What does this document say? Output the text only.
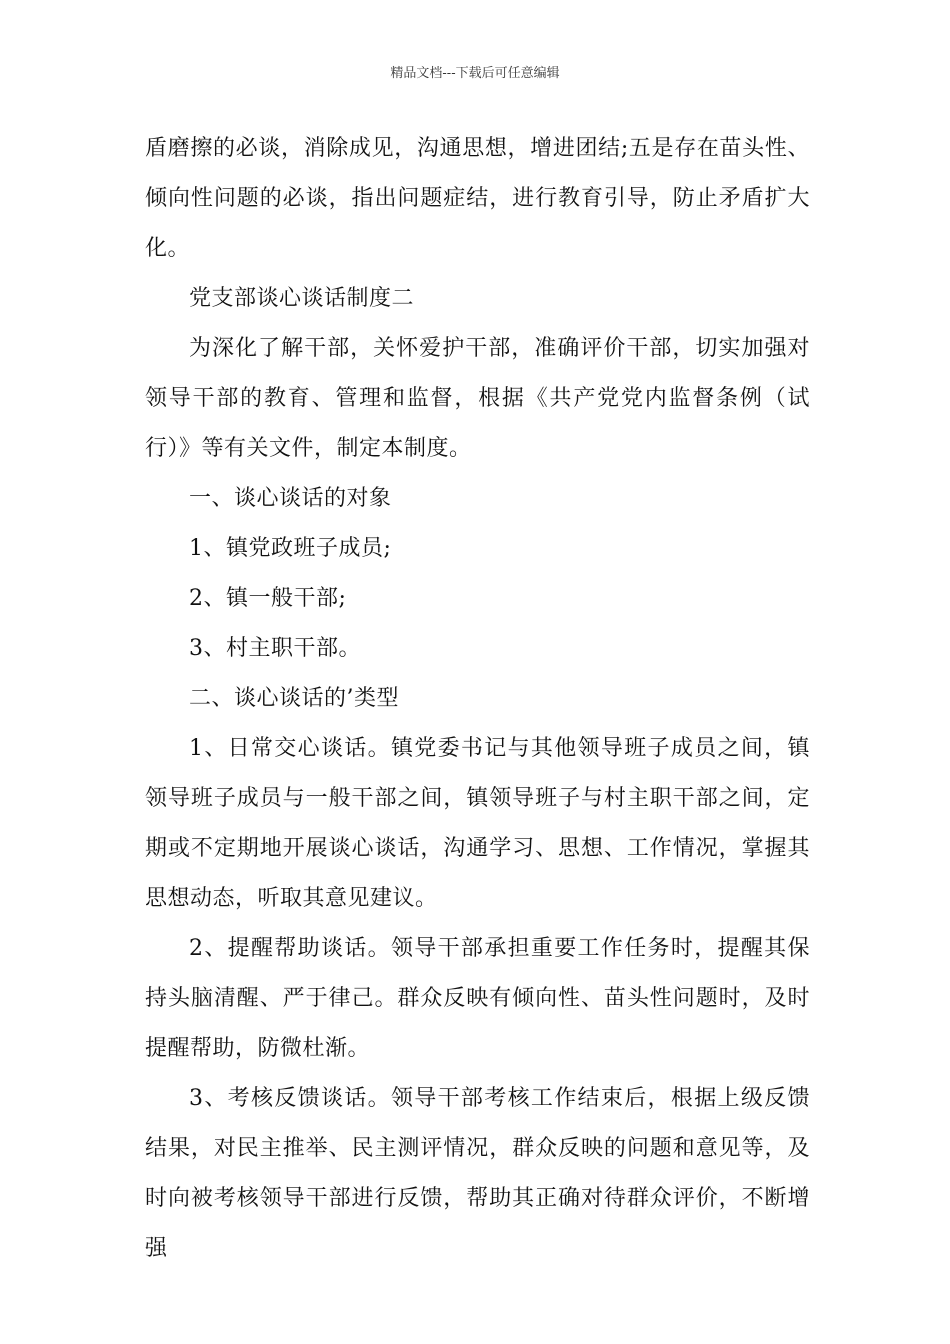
精品文档---下载后可任意编辑

盾磨擦的必谈，消除成见，沟通思想，增进团结;五是存在苗头性、倾向性问题的必谈，指出问题症结，进行教育引导，防止矛盾扩大化。

党支部谈心谈话制度二

为深化了解干部，关怀爱护干部，准确评价干部，切实加强对领导干部的教育、管理和监督，根据《共产党党内监督条例（试行）》等有关文件，制定本制度。

一、谈心谈话的对象

1、镇党政班子成员;

2、镇一般干部;

3、村主职干部。

二、谈心谈话的’类型

1、日常交心谈话。镇党委书记与其他领导班子成员之间，镇领导班子成员与一般干部之间，镇领导班子与村主职干部之间，定期或不定期地开展谈心谈话，沟通学习、思想、工作情况，掌握其思想动态，听取其意见建议。

2、提醒帮助谈话。领导干部承担重要工作任务时，提醒其保持头脑清醒、严于律己。群众反映有倾向性、苗头性问题时，及时提醒帮助，防微杜渐。

3、考核反馈谈话。领导干部考核工作结束后，根据上级反馈结果，对民主推举、民主测评情况，群众反映的问题和意见等，及时向被考核领导干部进行反馈，帮助其正确对待群众评价，不断增强
